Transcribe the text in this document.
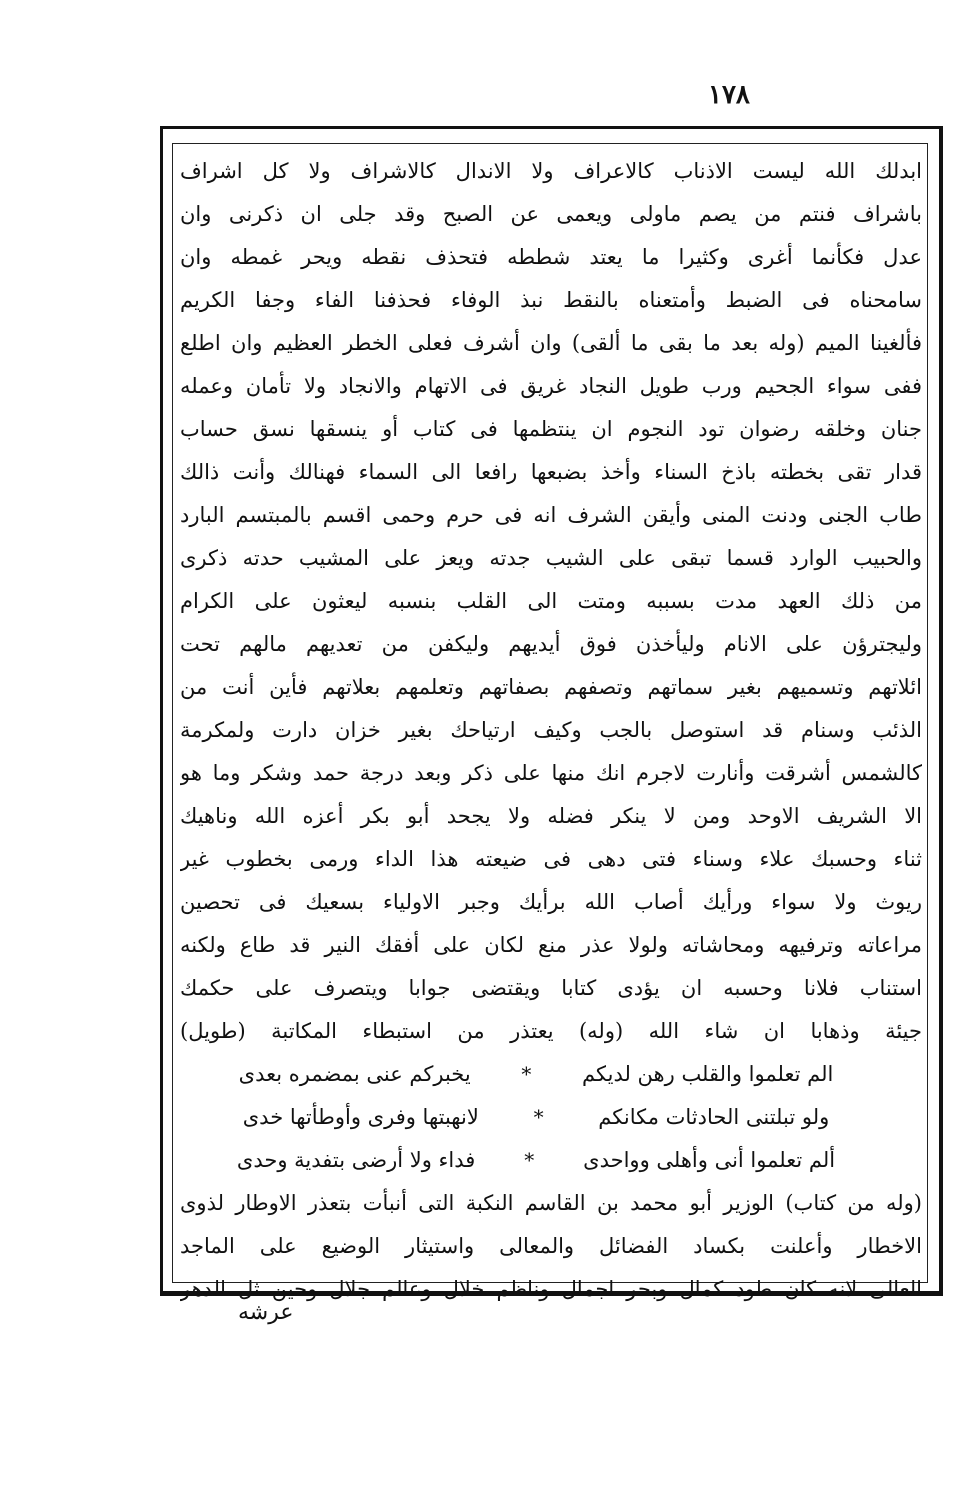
١٧٨
ابدلك الله ليست الاذناب كالاعراف ولا الاندال كالاشراف ولا كل اشراف
باشراف فنتم من يصم ماولى ويعمى عن الصبح وقد جلى ان ذكرنى وان
عدل فكأنما أغرى وكثيرا ما يعتد شططه فتحذف نقطه ويحر غمطه وان
سامحناه فى الضبط وأمتعناه بالنقط نبذ الوفاء فحذفنا الفاء وجفا الكريم
فألغينا الميم (وله بعد ما بقى ما ألقى) وان أشرف فعلى الخطر العظيم وان اطلع
ففى سواء الجحيم ورب طويل النجاد غريق فى الاتهام والانجاد ولا تأمان وعمله
جنان وخلقه رضوان تود النجوم ان ينتظمها فى كتاب أو ينسقها نسق حساب
قدار تقى بخطته باذخ السناء وأخذ بضبعها رافعا الى السماء فهنالك وأنت ذالك
طاب الجنى ودنت المنى وأيقن الشرف انه فى حرم وحمى اقسم بالمبتسم البارد
والحبيب الوارد قسما تبقى على الشيب جدته ويعز على المشيب حدته ذكرى
من ذلك العهد مدت بسببه ومتت الى القلب بنسبه ليعثون على الكرام
وليجترؤن على الانام وليأخذن فوق أيديهم وليكفن من تعديهم مالهم تحت
ائلاتهم وتسميهم بغير سماتهم وتصفهم بصفاتهم وتعلمهم بعلاتهم فأين أنت من
الذئب وسنام قد استوصل بالجب وكيف ارتياحك بغير خزان دارت ولمكرمة
كالشمس أشرقت وأنارت لاجرم انك منها على ذكر وبعد درجة حمد وشكر وما هو
الا الشريف الاوحد ومن لا ينكر فضله ولا يجحد أبو بكر أعزه الله وناهيك
ثناء وحسبك علاء وسناء فتى دهى فى ضيعته هذا الداء ورمى بخطوب غير
ريوث ولا سواء ورأيك أصاب الله برأيك وجبر الاولياء بسعيك فى تحصين
مراعاته وترفيهه ومحاشاته ولولا عذر منع لكان على أفقك النير قد طاع ولكنه
استناب فلانا وحسبه ان يؤدى كتابا ويقتضى جوابا ويتصرف على حكمك
جيئة وذهابا ان شاء الله (وله) يعتذر من استبطاء المكاتبة (طويل)
الم تعلموا والقلب رهن لديكم
*
يخبركم عنى بمضمره بعدى
ولو تبلتنى الحادثات مكانكم
*
لانهبتها وفرى وأوطأتها خدى
ألم تعلموا أنى وأهلى وواحدى
*
فداء ولا أرضى بتفدية وحدى
(وله من كتاب) الوزير أبو محمد بن القاسم النكبة التى أنبأت بتعذر الاوطار لذوى
الاخطار وأعلنت بكساد الفضائل والمعالى واستيثار الوضيع على الماجد
العالى لانه كان طود كمال وبحر اجمال وناظم خلال وعالم جلال وحين ثل الدهر
عرشه
